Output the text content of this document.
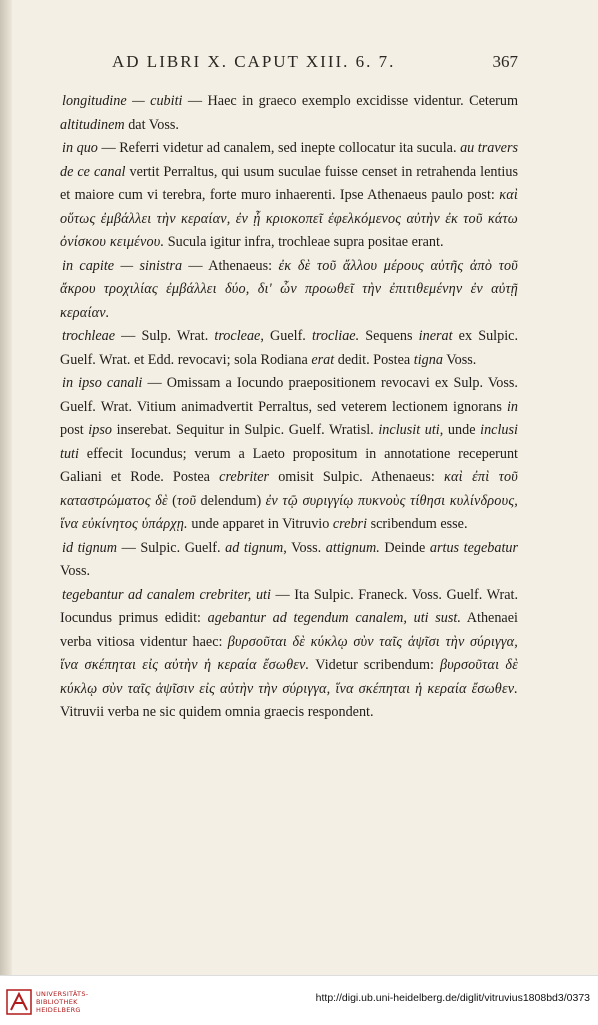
AD LIBRI X. CAPUT XIII. 6. 7.	367

longitudine — cubiti — Haec in graeco exemplo excidisse videntur. Ceterum altitudinem dat Voss.

in quo — Referri videtur ad canalem, sed inepte collocatur ita sucula. au travers de ce canal vertit Perraltus, qui usum suculae fuisse censet in retrahenda lentius et maiore cum vi terebra, forte muro inhaerenti. Ipse Athenaeus paulo post: καὶ οὕτως ἐμβάλλει τὴν κεραίαν, ἐν ᾗ κριοκοπεῖ ἐφελκόμενος αὐτὴν ἐκ τοῦ κάτω ὀνίσκου κειμένου. Sucula igitur infra, trochleae supra positae erant.

in capite — sinistra — Athenaeus: ἐκ δὲ τοῦ ἄλλου μέρους αὐτῆς ἀπὸ τοῦ ἄκρου τροχιλίας ἐμβάλλει δύο, δι' ὧν προωθεῖ τὴν ἐπιτιθεμένην ἐν αὐτῇ κεραίαν.

trochleae — Sulp. Wrat. trocleae, Guelf. trocliae. Sequens inerat ex Sulpic. Guelf. Wrat. et Edd. revocavi; sola Rodiana erat dedit. Postea tigna Voss.

in ipso canali — Omissam a Iocundo praepositionem revocavi ex Sulp. Voss. Guelf. Wrat. Vitium animadvertit Perraltus, sed veterem lectionem ignorans in post ipso inserebat. Sequitur in Sulpic. Guelf. Wratisl. inclusit uti, unde inclusi tuti effecit Iocundus; verum a Laeto propositum in annotatione receperunt Galiani et Rode. Postea crebriter omisit Sulpic. Athenaeus: καὶ ἐπὶ τοῦ καταστρώματος δὲ (τοῦ delendum) ἐν τῷ συριγγίῳ πυκνοὺς τίθησι κυλίνδρους, ἵνα εὐκίνητος ὑπάρχῃ. unde apparet in Vitruvio crebri scribendum esse.

id tignum — Sulpic. Guelf. ad tignum, Voss. attignum. Deinde artus tegebatur Voss.

tegebantur ad canalem crebriter, uti — Ita Sulpic. Franeck. Voss. Guelf. Wrat. Iocundus primus edidit: agebantur ad tegendum canalem, uti sust. Athenaei verba vitiosa videntur haec: βυρσοῦται δὲ κύκλῳ σὺν ταῖς ἁψῖσι τὴν σύριγγα, ἵνα σκέπηται εἰς αὐτὴν ἡ κεραία ἔσωθεν. Videtur scribendum: βυρσοῦται δὲ κύκλῳ σὺν ταῖς ἁψῖσιν εἰς αὐτὴν τὴν σύριγγα, ἵνα σκέπηται ἡ κεραία ἔσωθεν. Vitruvii verba ne sic quidem omnia graecis respondent.

UNIVERSITÄTS-
BIBLIOTHEK
HEIDELBERG
http://digi.ub.uni-heidelberg.de/diglit/vitruvius1808bd3/0373
